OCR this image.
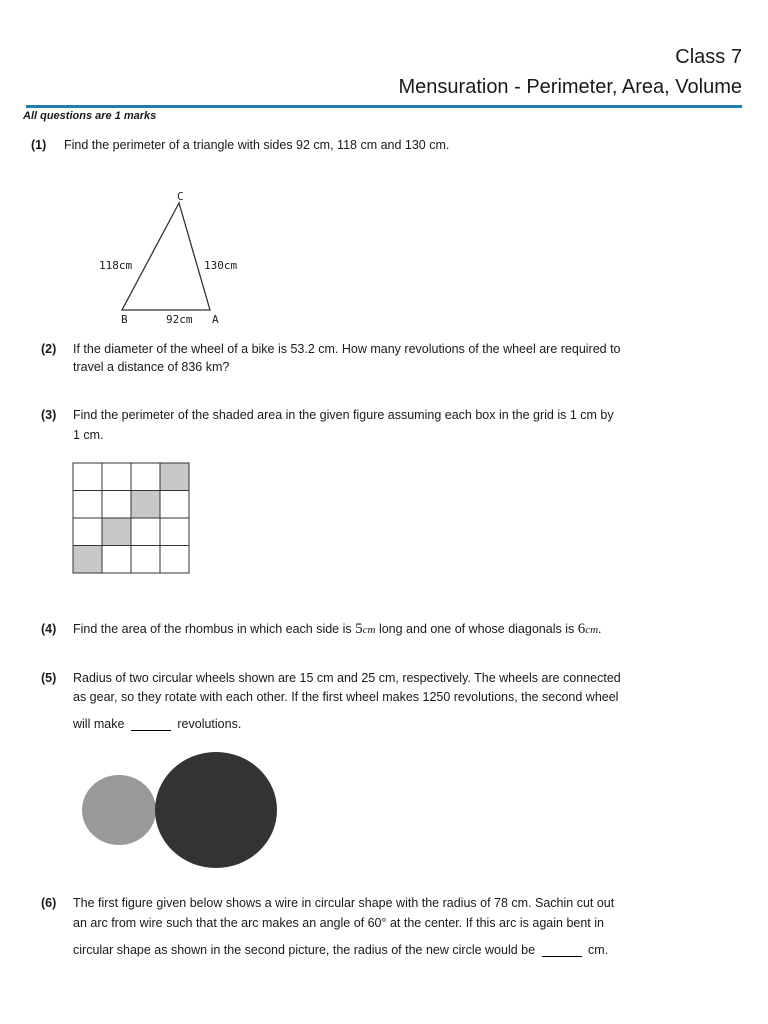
Class 7
Mensuration - Perimeter, Area, Volume
All questions are 1 marks
(1) Find the perimeter of a triangle with sides 92 cm, 118 cm and 130 cm.
C
B	A
118cm	130cm
92cm
(2) If the diameter of the wheel of a bike is 53.2 cm. How many revolutions of the wheel are required to
travel a distance of 836 km?
(3) Find the perimeter of the shaded area in the given figure assuming each box in the grid is 1 cm by
1 cm.
(4) Find the area of the rhombus in which each side is 5cm long and one of whose diagonals is 6cm.
(5) Radius of two circular wheels shown are 15 cm and 25 cm, respectively. The wheels are connected
as gear, so they rotate with each other. If the first wheel makes 1250 revolutions, the second wheel
will make	revolutions.
(6) The first figure given below shows a wire in circular shape with the radius of 78 cm. Sachin cut out
an arc from wire such that the arc makes an angle of 60° at the center. If this arc is again bent in
circular shape as shown in the second picture, the radius of the new circle would be	cm.
